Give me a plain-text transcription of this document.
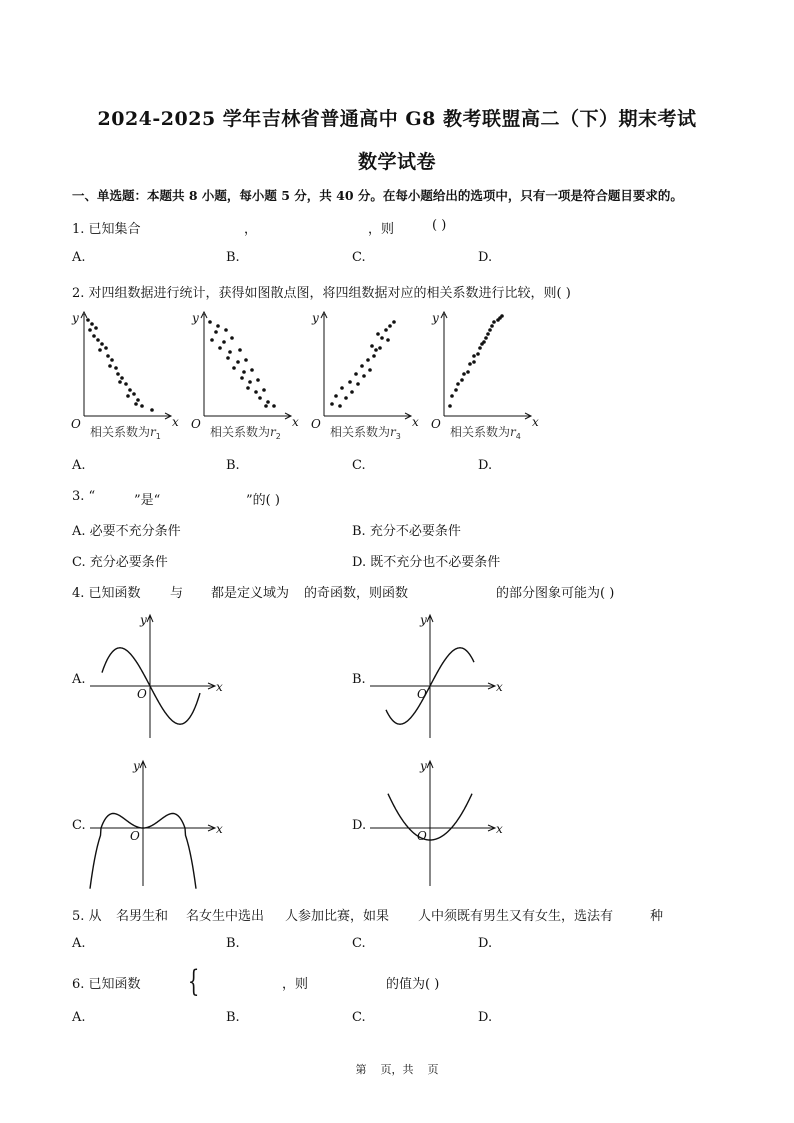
2024-2025 学年吉林省普通高中 G8 教考联盟高二（下）期末考试
数学试卷
一、单选题：本题共 8 小题，每小题 5 分，共 40 分。在每小题给出的选项中，只有一项是符合题目要求的。
1. 已知集合	，	，则	( )
A.	B.	C.	D.
2. 对四组数据进行统计，获得如图散点图，将四组数据对应的相关系数进行比较，则( )
y
x
O
相关系数为$r_1$
y
x
O
相关系数为$r_2$
y
x
O
相关系数为$r_3$
y
x
O
相关系数为$r_4$
A.	B.	C.	D.
3. “	”是“	”的( )
A. 必要不充分条件	B. 充分不必要条件
C. 充分必要条件	D. 既不充分也不必要条件
4. 已知函数 与 都是定义域为 的奇函数，则函数	的部分图象可能为( )
A.
y
x
O
B.
y
x
O
C.
y
x
O
D.
y
x
O
5. 从 名男生和 名女生中选出 人参加比赛，如果 人中须既有男生又有女生，选法有	种
A.	B.	C.	D.
6. 已知函数 {	，则	的值为( )
A.	B.	C.	D.
第 页，共 页
